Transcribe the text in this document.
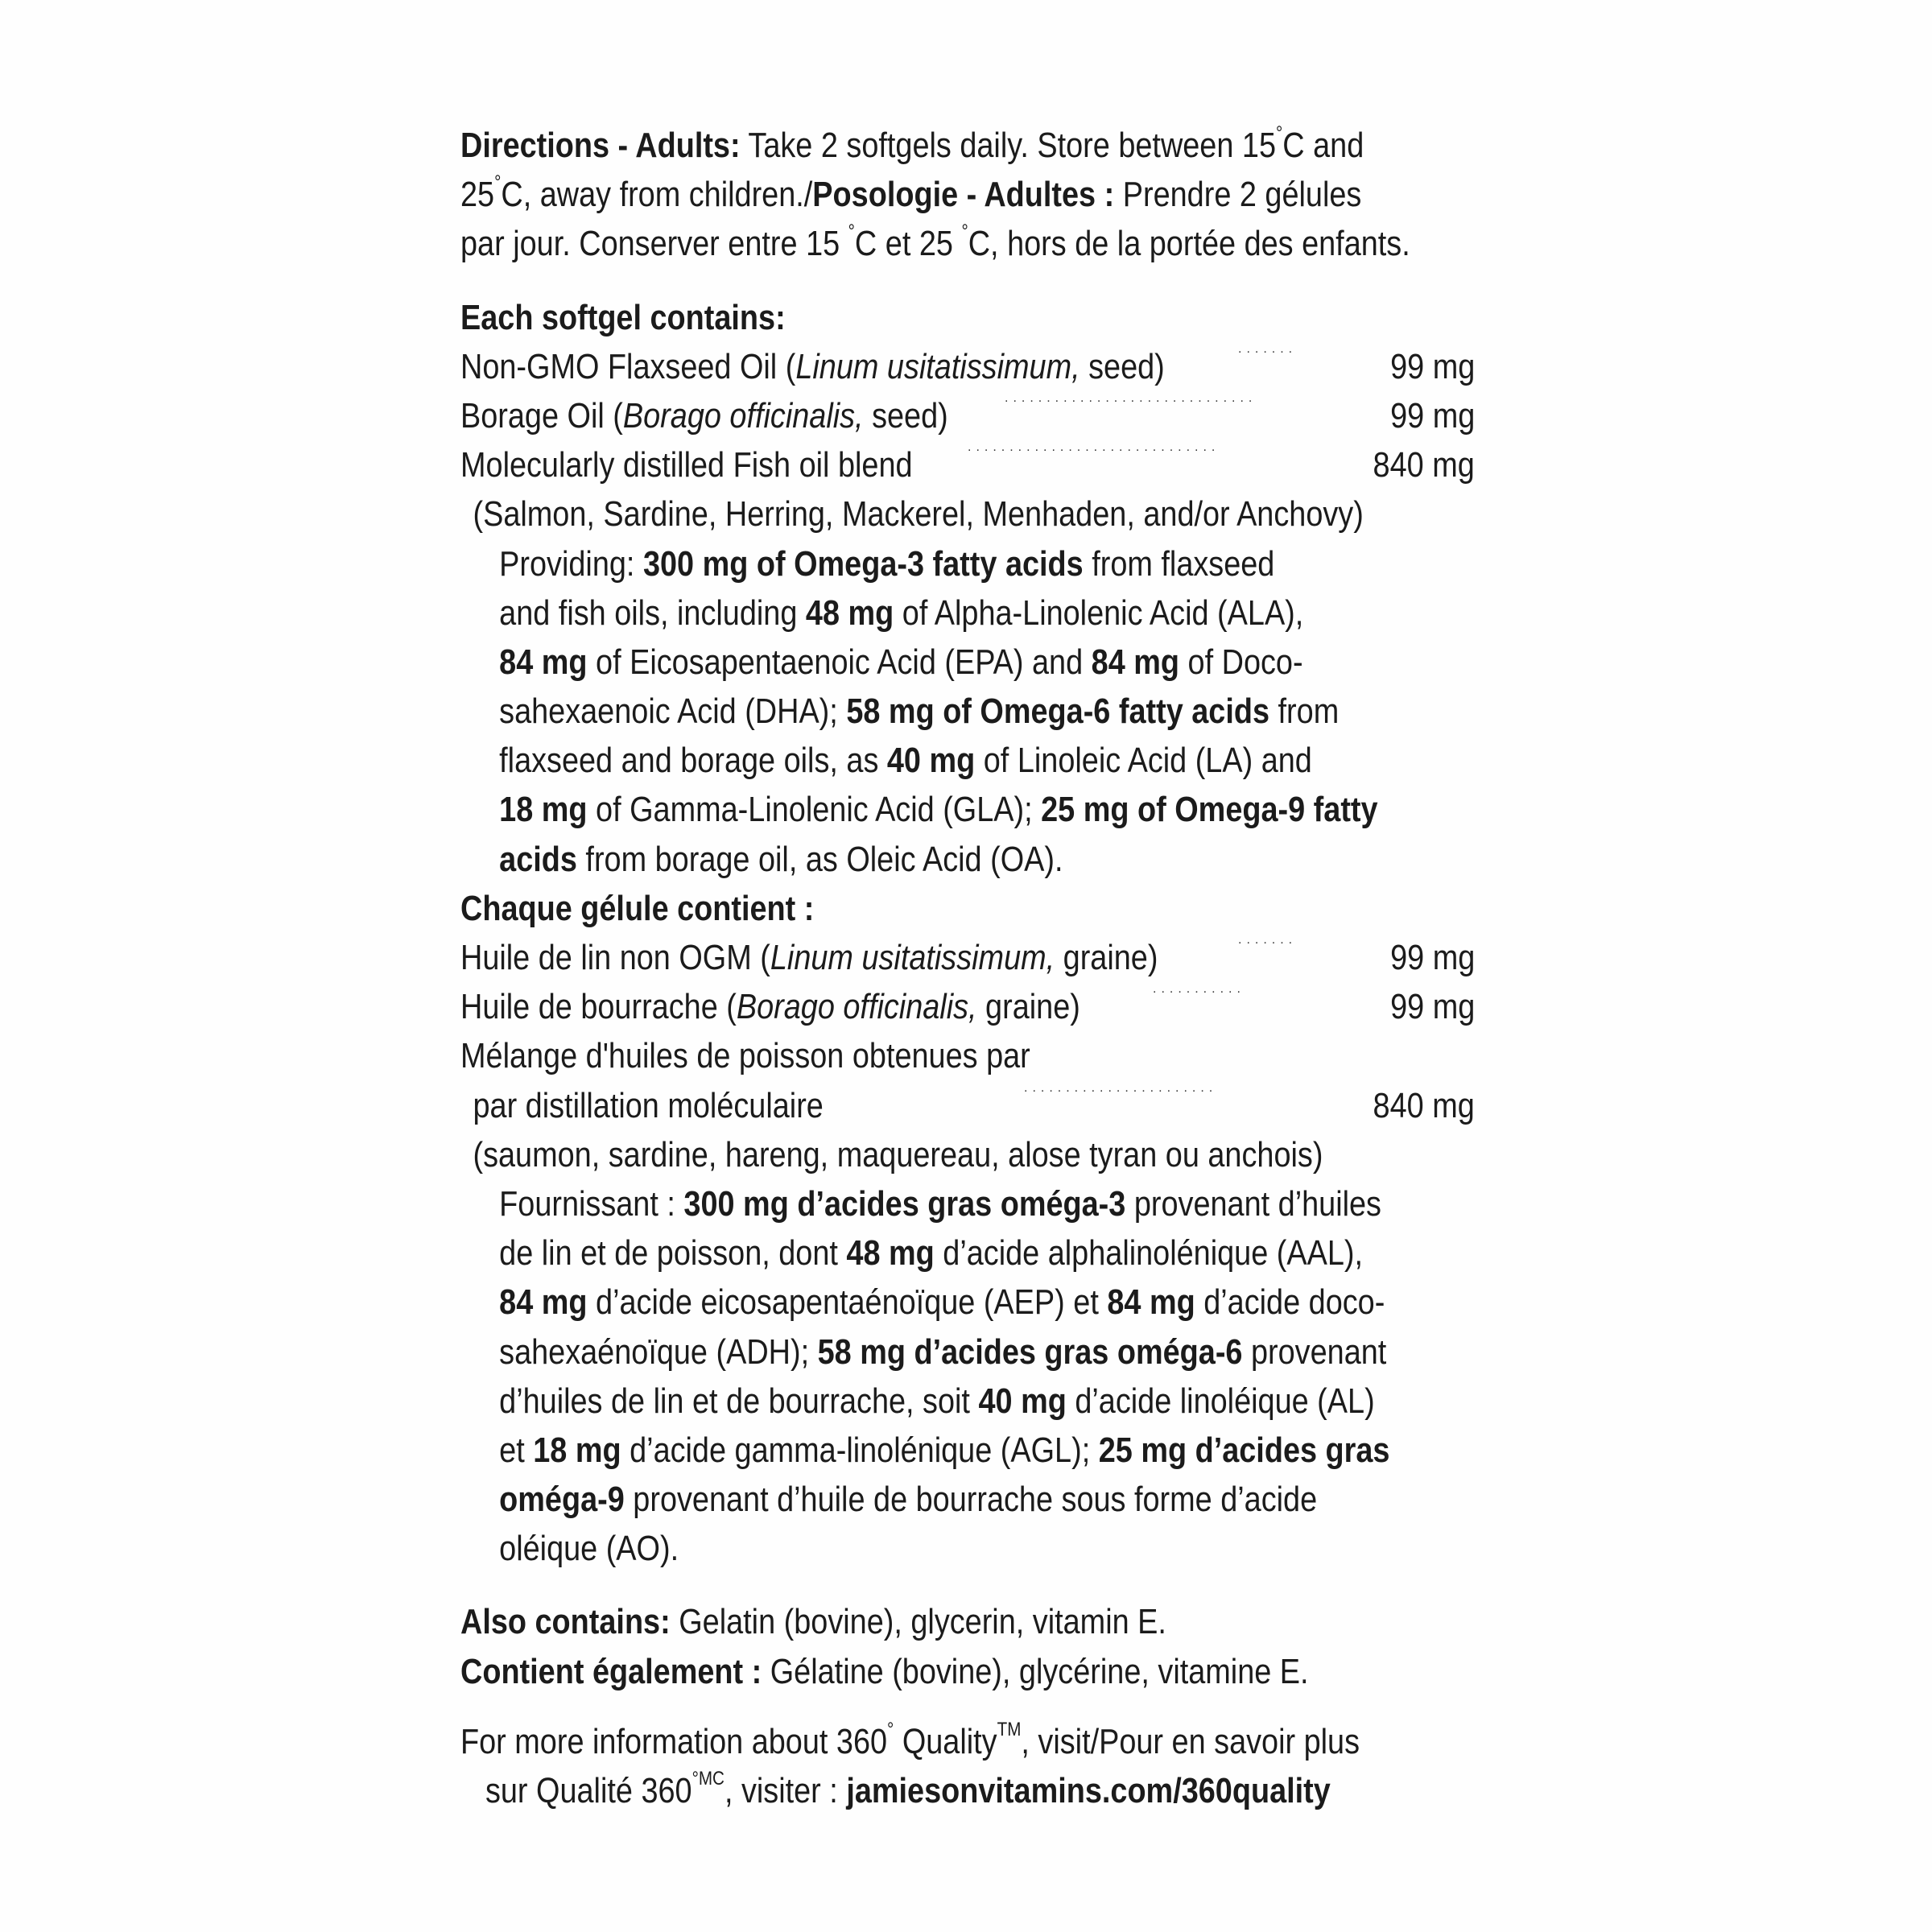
Directions - Adults: Take 2 softgels daily. Store between 15°C and
25°C, away from children./Posologie - Adultes : Prendre 2 gélules
par jour. Conserver entre 15 °C et 25 °C, hors de la portée des enfants.
Each softgel contains:
Non-GMO Flaxseed Oil (Linum usitatissimum, seed)	.......	99 mg
Borage Oil (Borago officinalis, seed)	..............................	99 mg
Molecularly distilled Fish oil blend	..............................	840 mg
(Salmon, Sardine, Herring, Mackerel, Menhaden, and/or Anchovy)
Providing: 300 mg of Omega-3 fatty acids from flaxseed
and fish oils, including 48 mg of Alpha-Linolenic Acid (ALA),
84 mg of Eicosapentaenoic Acid (EPA) and 84 mg of Doco-
sahexaenoic Acid (DHA); 58 mg of Omega-6 fatty acids from
flaxseed and borage oils, as 40 mg of Linoleic Acid (LA) and
18 mg of Gamma-Linolenic Acid (GLA); 25 mg of Omega-9 fatty
acids from borage oil, as Oleic Acid (OA).
Chaque gélule contient :
Huile de lin non OGM (Linum usitatissimum, graine)	.......	99 mg
Huile de bourrache (Borago officinalis, graine)	...........	99 mg
Mélange d'huiles de poisson obtenues par
par distillation moléculaire	.......................	840 mg
(saumon, sardine, hareng, maquereau, alose tyran ou anchois)
Fournissant : 300 mg d’acides gras oméga-3 provenant d’huiles
de lin et de poisson, dont 48 mg d’acide alphalinolénique (AAL),
84 mg d’acide eicosapentaénoïque (AEP) et 84 mg d’acide doco-
sahexaénoïque (ADH); 58 mg d’acides gras oméga-6 provenant
d’huiles de lin et de bourrache, soit 40 mg d’acide linoléique (AL)
et 18 mg d’acide gamma-linolénique (AGL); 25 mg d’acides gras
oméga-9 provenant d’huile de bourrache sous forme d’acide
oléique (AO).
Also contains: Gelatin (bovine), glycerin, vitamin E.
Contient également : Gélatine (bovine), glycérine, vitamine E.
For more information about 360° Quality™, visit/Pour en savoir plus
sur Qualité $360^{^\circ MC}$, visiter : jamiesonvitamins.com/360quality
